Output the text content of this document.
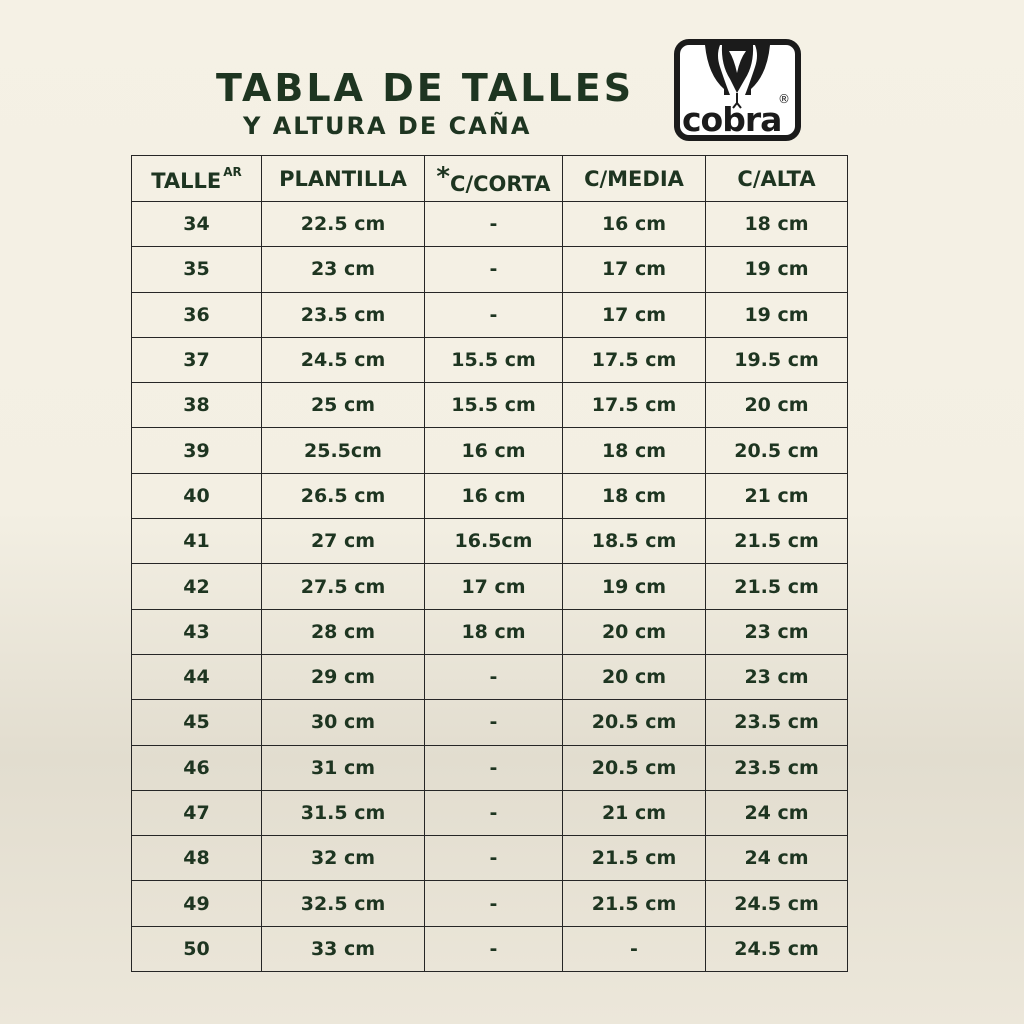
TABLA DE TALLES
Y ALTURA DE CAÑA	cobra
®
TALLE $^{AR}$	PLANTILLA	*C/CORTA	C/MEDIA	C/ALTA
34	22.5 cm	-	16 cm	18 cm
35	23 cm	-	17 cm	19 cm
36	23.5 cm	-	17 cm	19 cm
37	24.5 cm	15.5 cm	17.5 cm	19.5 cm
38	25 cm	15.5 cm	17.5 cm	20 cm
39	25.5cm	16 cm	18 cm	20.5 cm
40	26.5 cm	16 cm	18 cm	21 cm
41	27 cm	16.5cm	18.5 cm	21.5 cm
42	27.5 cm	17 cm	19 cm	21.5 cm
43	28 cm	18 cm	20 cm	23 cm
44	29 cm	-	20 cm	23 cm
45	30 cm	-	20.5 cm	23.5 cm
46	31 cm	-	20.5 cm	23.5 cm
47	31.5 cm	-	21 cm	24 cm
48	32 cm	-	21.5 cm	24 cm
49	32.5 cm	-	21.5 cm	24.5 cm
50	33 cm	-	-	24.5 cm
